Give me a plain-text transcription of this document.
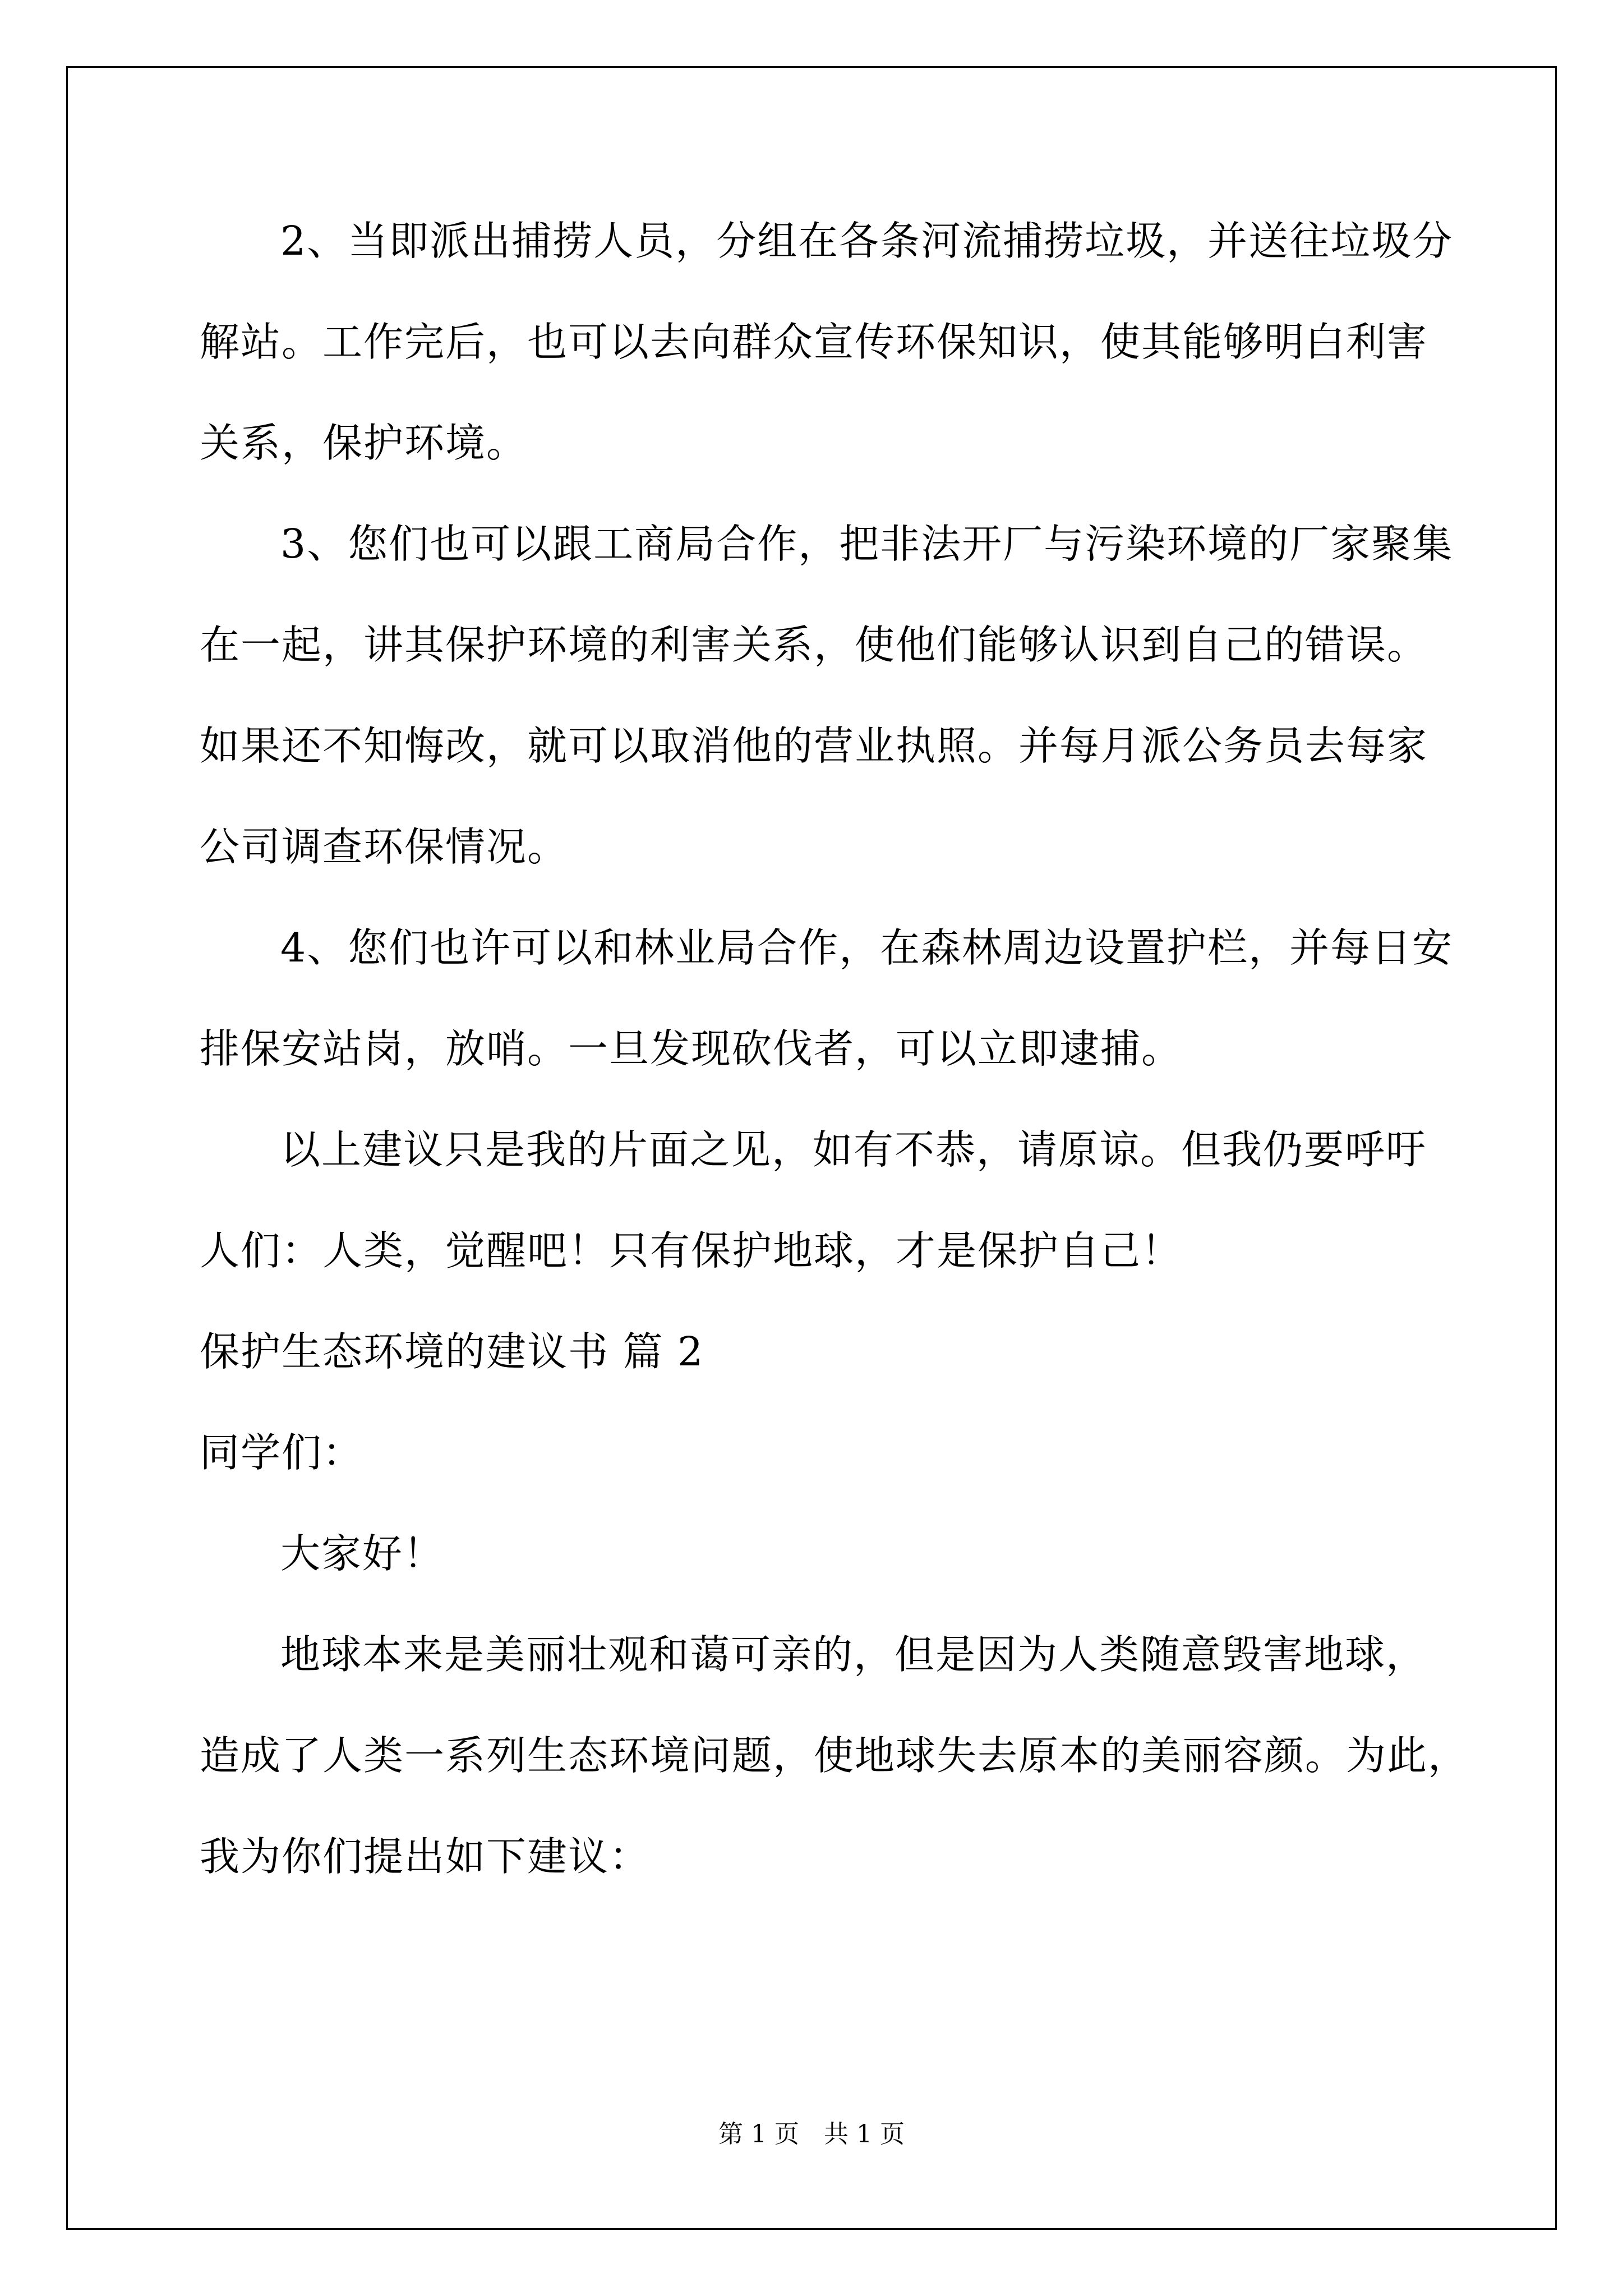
2、当即派出捕捞人员，分组在各条河流捕捞垃圾，并送往垃圾分
解站。工作完后，也可以去向群众宣传环保知识，使其能够明白利害
关系，保护环境。
3、您们也可以跟工商局合作，把非法开厂与污染环境的厂家聚集
在一起，讲其保护环境的利害关系，使他们能够认识到自己的错误。
如果还不知悔改，就可以取消他的营业执照。并每月派公务员去每家
公司调查环保情况。
4、您们也许可以和林业局合作，在森林周边设置护栏，并每日安
排保安站岗，放哨。一旦发现砍伐者，可以立即逮捕。
以上建议只是我的片面之见，如有不恭，请原谅。但我仍要呼吁
人们：人类，觉醒吧！只有保护地球，才是保护自己！
保护生态环境的建议书 篇 2
同学们：
大家好！
地球本来是美丽壮观和蔼可亲的，但是因为人类随意毁害地球，
造成了人类一系列生态环境问题，使地球失去原本的美丽容颜。为此，
我为你们提出如下建议：
第 1 页　共 1 页
